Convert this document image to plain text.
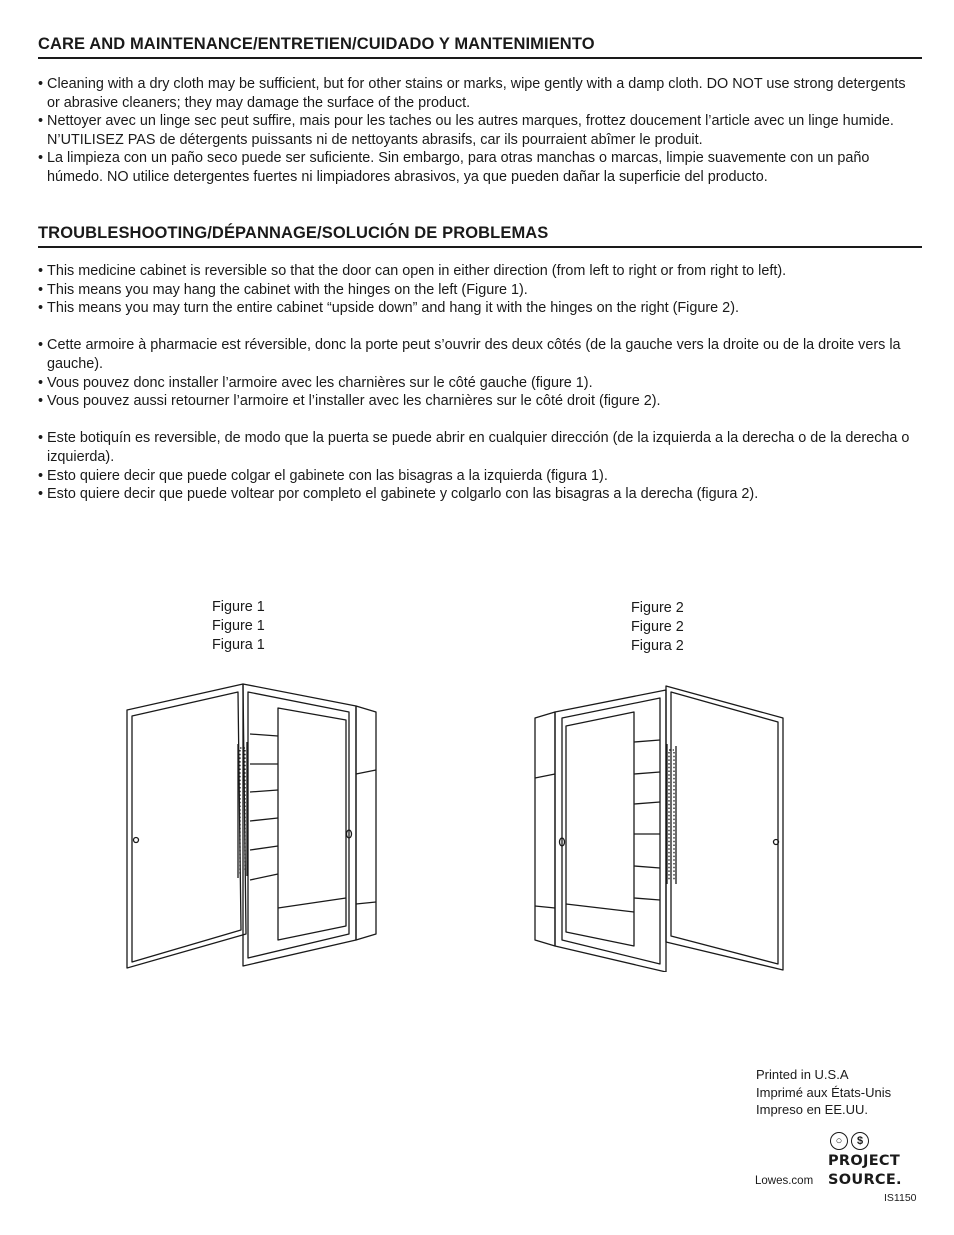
CARE AND MAINTENANCE/ENTRETIEN/CUIDADO Y MANTENIMIENTO
• Cleaning with a dry cloth may be sufficient, but for other stains or marks, wipe gently with a damp cloth. DO NOT use strong detergents or abrasive cleaners; they may damage the surface of the product.
• Nettoyer avec un linge sec peut suffire, mais pour les taches ou les autres marques, frottez doucement l’article avec un linge humide. N’UTILISEZ PAS de détergents puissants ni de nettoyants abrasifs, car ils pourraient abîmer le produit.
• La limpieza con un paño seco puede ser suficiente. Sin embargo, para otras manchas o marcas, limpie suavemente con un paño húmedo. NO utilice detergentes fuertes ni limpiadores abrasivos, ya que pueden dañar la superficie del producto.
TROUBLESHOOTING/DÉPANNAGE/SOLUCIÓN DE PROBLEMAS
• This medicine cabinet is reversible so that the door can open in either direction (from left to right or from right to left).
• This means you may hang the cabinet with the hinges on the left (Figure 1).
• This means you may turn the entire cabinet “upside down” and hang it with the hinges on the right (Figure 2).
• Cette armoire à pharmacie est réversible, donc la porte peut s’ouvrir des deux côtés (de la gauche vers la droite ou de la droite vers la gauche).
• Vous pouvez donc installer l’armoire avec les charnières sur le côté gauche (figure 1).
• Vous pouvez aussi retourner l’armoire et l’installer avec les charnières sur le côté droit (figure 2).
• Este botiquín es reversible, de modo que la puerta se puede abrir en cualquier dirección (de la izquierda a la derecha o de la derecha o izquierda).
• Esto quiere decir que puede colgar el gabinete con las bisagras a la izquierda (figura 1).
• Esto quiere decir que puede voltear por completo el gabinete y colgarlo con las bisagras a la derecha (figura 2).
Figure 1
Figure 1
Figura 1
Figure 2
Figure 2
Figura 2
Printed in U.S.A
Imprimé aux États-Unis
Impreso en EE.UU.
Lowes.com
○	$
PROJECT
SOURCE.
IS1150
